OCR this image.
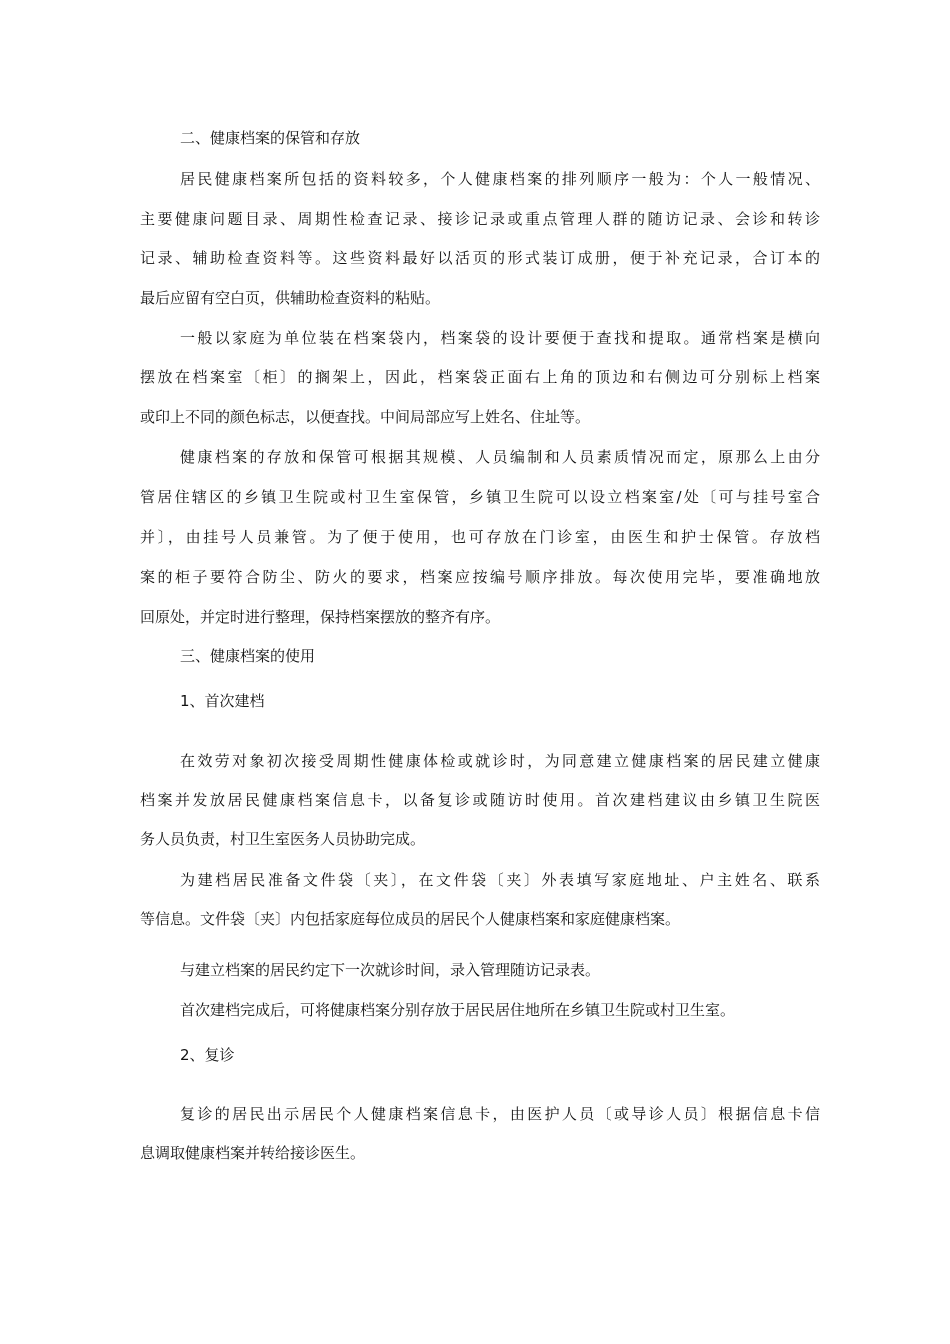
二、健康档案的保管和存放
居民健康档案所包括的资料较多，个人健康档案的排列顺序一般为：个人一般情况、
主要健康问题目录、周期性检查记录、接诊记录或重点管理人群的随访记录、会诊和转诊
记录、辅助检查资料等。这些资料最好以活页的形式装订成册，便于补充记录，合订本的
最后应留有空白页，供辅助检查资料的粘贴。
一般以家庭为单位装在档案袋内，档案袋的设计要便于查找和提取。通常档案是横向
摆放在档案室〔柜〕的搁架上，因此，档案袋正面右上角的顶边和右侧边可分别标上档案
或印上不同的颜色标志，以便查找。中间局部应写上姓名、住址等。
健康档案的存放和保管可根据其规模、人员编制和人员素质情况而定，原那么上由分
管居住辖区的乡镇卫生院或村卫生室保管，乡镇卫生院可以设立档案室/处〔可与挂号室合
并〕，由挂号人员兼管。为了便于使用，也可存放在门诊室，由医生和护士保管。存放档
案的柜子要符合防尘、防火的要求，档案应按编号顺序排放。每次使用完毕，要准确地放
回原处，并定时进行整理，保持档案摆放的整齐有序。
三、健康档案的使用
1、首次建档
在效劳对象初次接受周期性健康体检或就诊时，为同意建立健康档案的居民建立健康
档案并发放居民健康档案信息卡，以备复诊或随访时使用。首次建档建议由乡镇卫生院医
务人员负责，村卫生室医务人员协助完成。
为建档居民准备文件袋〔夹〕，在文件袋〔夹〕外表填写家庭地址、户主姓名、联系
等信息。文件袋〔夹〕内包括家庭每位成员的居民个人健康档案和家庭健康档案。
与建立档案的居民约定下一次就诊时间，录入管理随访记录表。
首次建档完成后，可将健康档案分别存放于居民居住地所在乡镇卫生院或村卫生室。
2、复诊
复诊的居民出示居民个人健康档案信息卡，由医护人员〔或导诊人员〕根据信息卡信
息调取健康档案并转给接诊医生。
